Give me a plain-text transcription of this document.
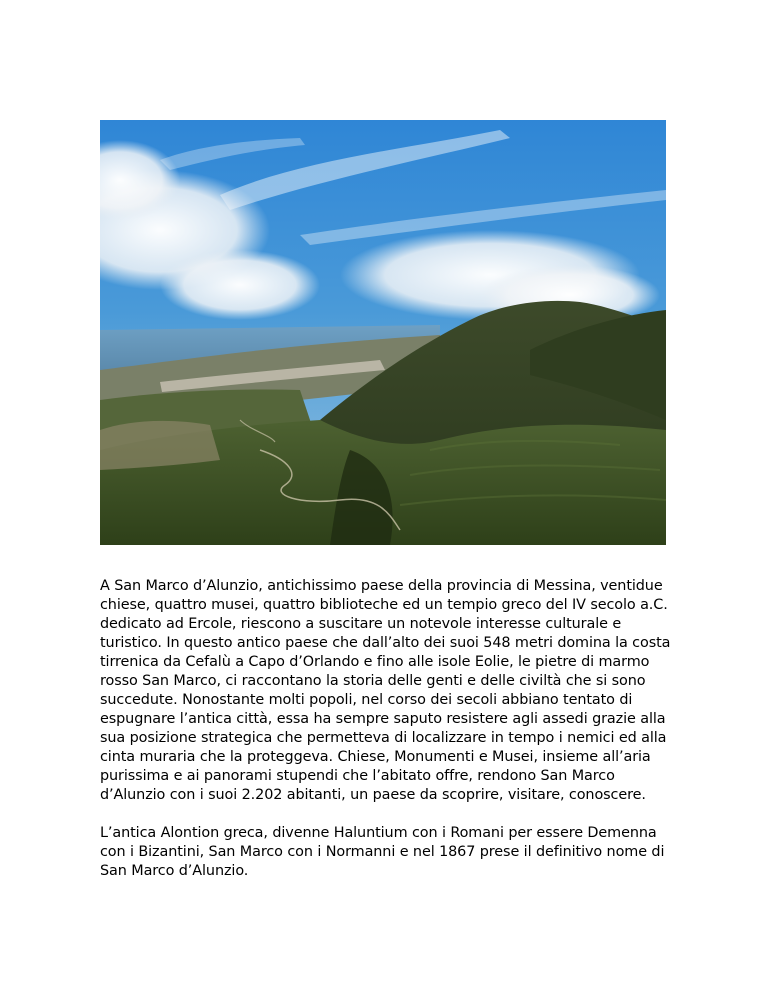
A San Marco d’Alunzio, antichissimo paese della provincia di Messina, ventidue chiese, quattro musei, quattro biblioteche ed un tempio greco del IV secolo a.C. dedicato ad Ercole, riescono a suscitare un notevole interesse culturale e turistico. In questo antico paese che dall’alto dei suoi 548 metri domina la costa tirrenica da Cefalù a Capo d’Orlando e fino alle isole Eolie, le pietre di marmo rosso San Marco, ci raccontano la storia delle genti e delle civiltà che si sono succedute. Nonostante molti popoli, nel corso dei secoli abbiano tentato di espugnare l’antica città, essa ha sempre saputo resistere agli assedi grazie alla sua posizione strategica che permetteva di localizzare in tempo i nemici ed alla cinta muraria che la proteggeva. Chiese, Monumenti e Musei, insieme all’aria purissima e ai panorami stupendi che l’abitato offre, rendono San Marco d’Alunzio con i suoi 2.202 abitanti, un paese da scoprire, visitare, conoscere.

L’antica Alontion greca, divenne Haluntium con i Romani per essere Demenna con i Bizantini, San Marco con i Normanni e nel 1867 prese il definitivo nome di San Marco d’Alunzio.
